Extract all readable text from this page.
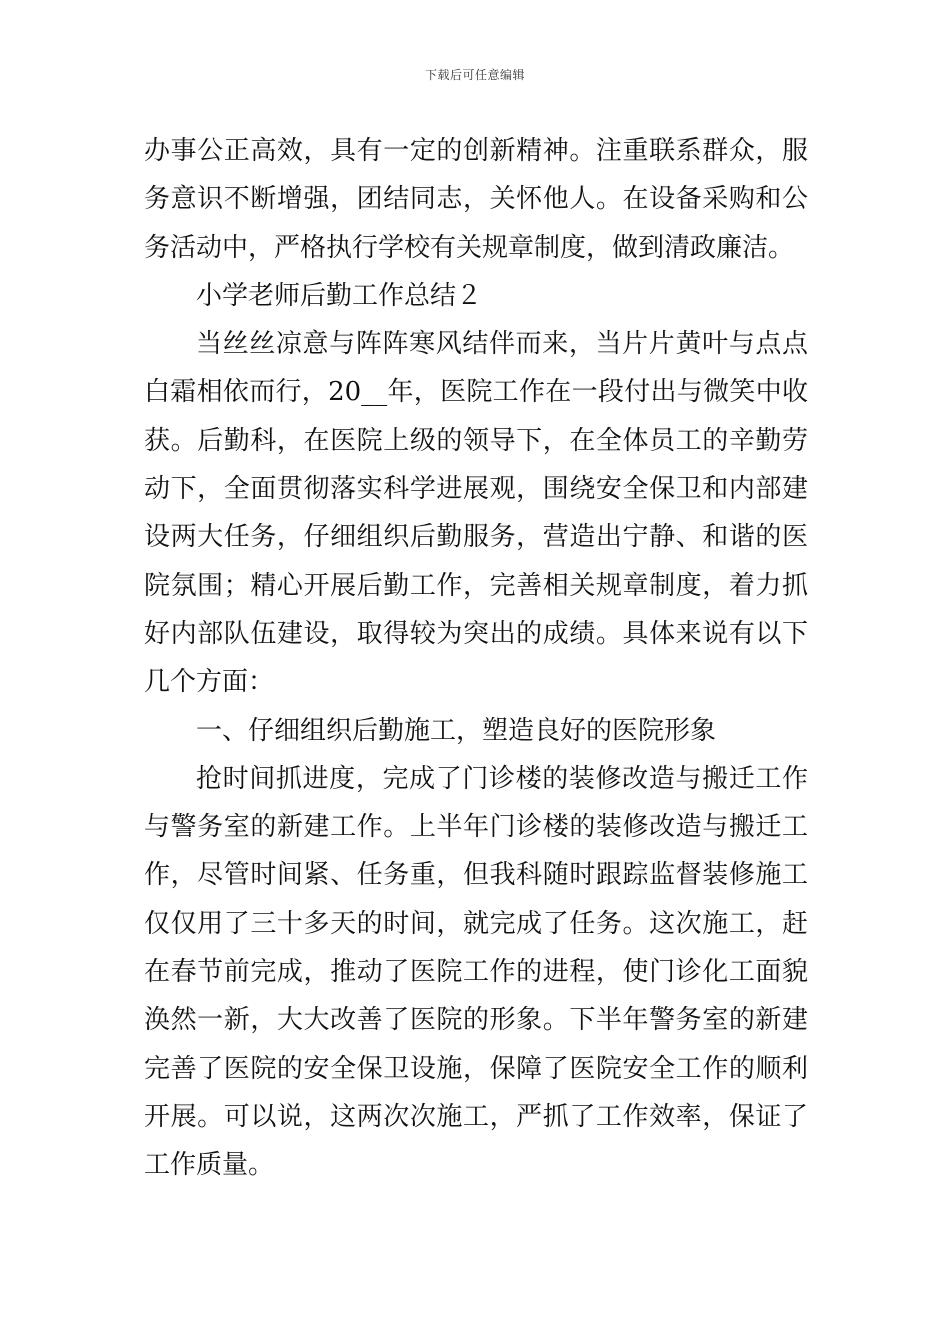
下载后可任意编辑

办事公正高效，具有一定的创新精神。注重联系群众，服务意识不断增强，团结同志，关怀他人。在设备采购和公务活动中，严格执行学校有关规章制度，做到清政廉洁。

小学老师后勤工作总结２

当丝丝凉意与阵阵寒风结伴而来，当片片黄叶与点点白霜相依而行，20__年，医院工作在一段付出与微笑中收获。后勤科，在医院上级的领导下，在全体员工的辛勤劳动下，全面贯彻落实科学进展观，围绕安全保卫和内部建设两大任务，仔细组织后勤服务，营造出宁静、和谐的医院氛围；精心开展后勤工作，完善相关规章制度，着力抓好内部队伍建设，取得较为突出的成绩。具体来说有以下几个方面：

一、仔细组织后勤施工，塑造良好的医院形象

抢时间抓进度，完成了门诊楼的装修改造与搬迁工作与警务室的新建工作。上半年门诊楼的装修改造与搬迁工作，尽管时间紧、任务重，但我科随时跟踪监督装修施工仅仅用了三十多天的时间，就完成了任务。这次施工，赶在春节前完成，推动了医院工作的进程，使门诊化工面貌涣然一新，大大改善了医院的形象。下半年警务室的新建完善了医院的安全保卫设施，保障了医院安全工作的顺利开展。可以说，这两次次施工，严抓了工作效率，保证了工作质量。
